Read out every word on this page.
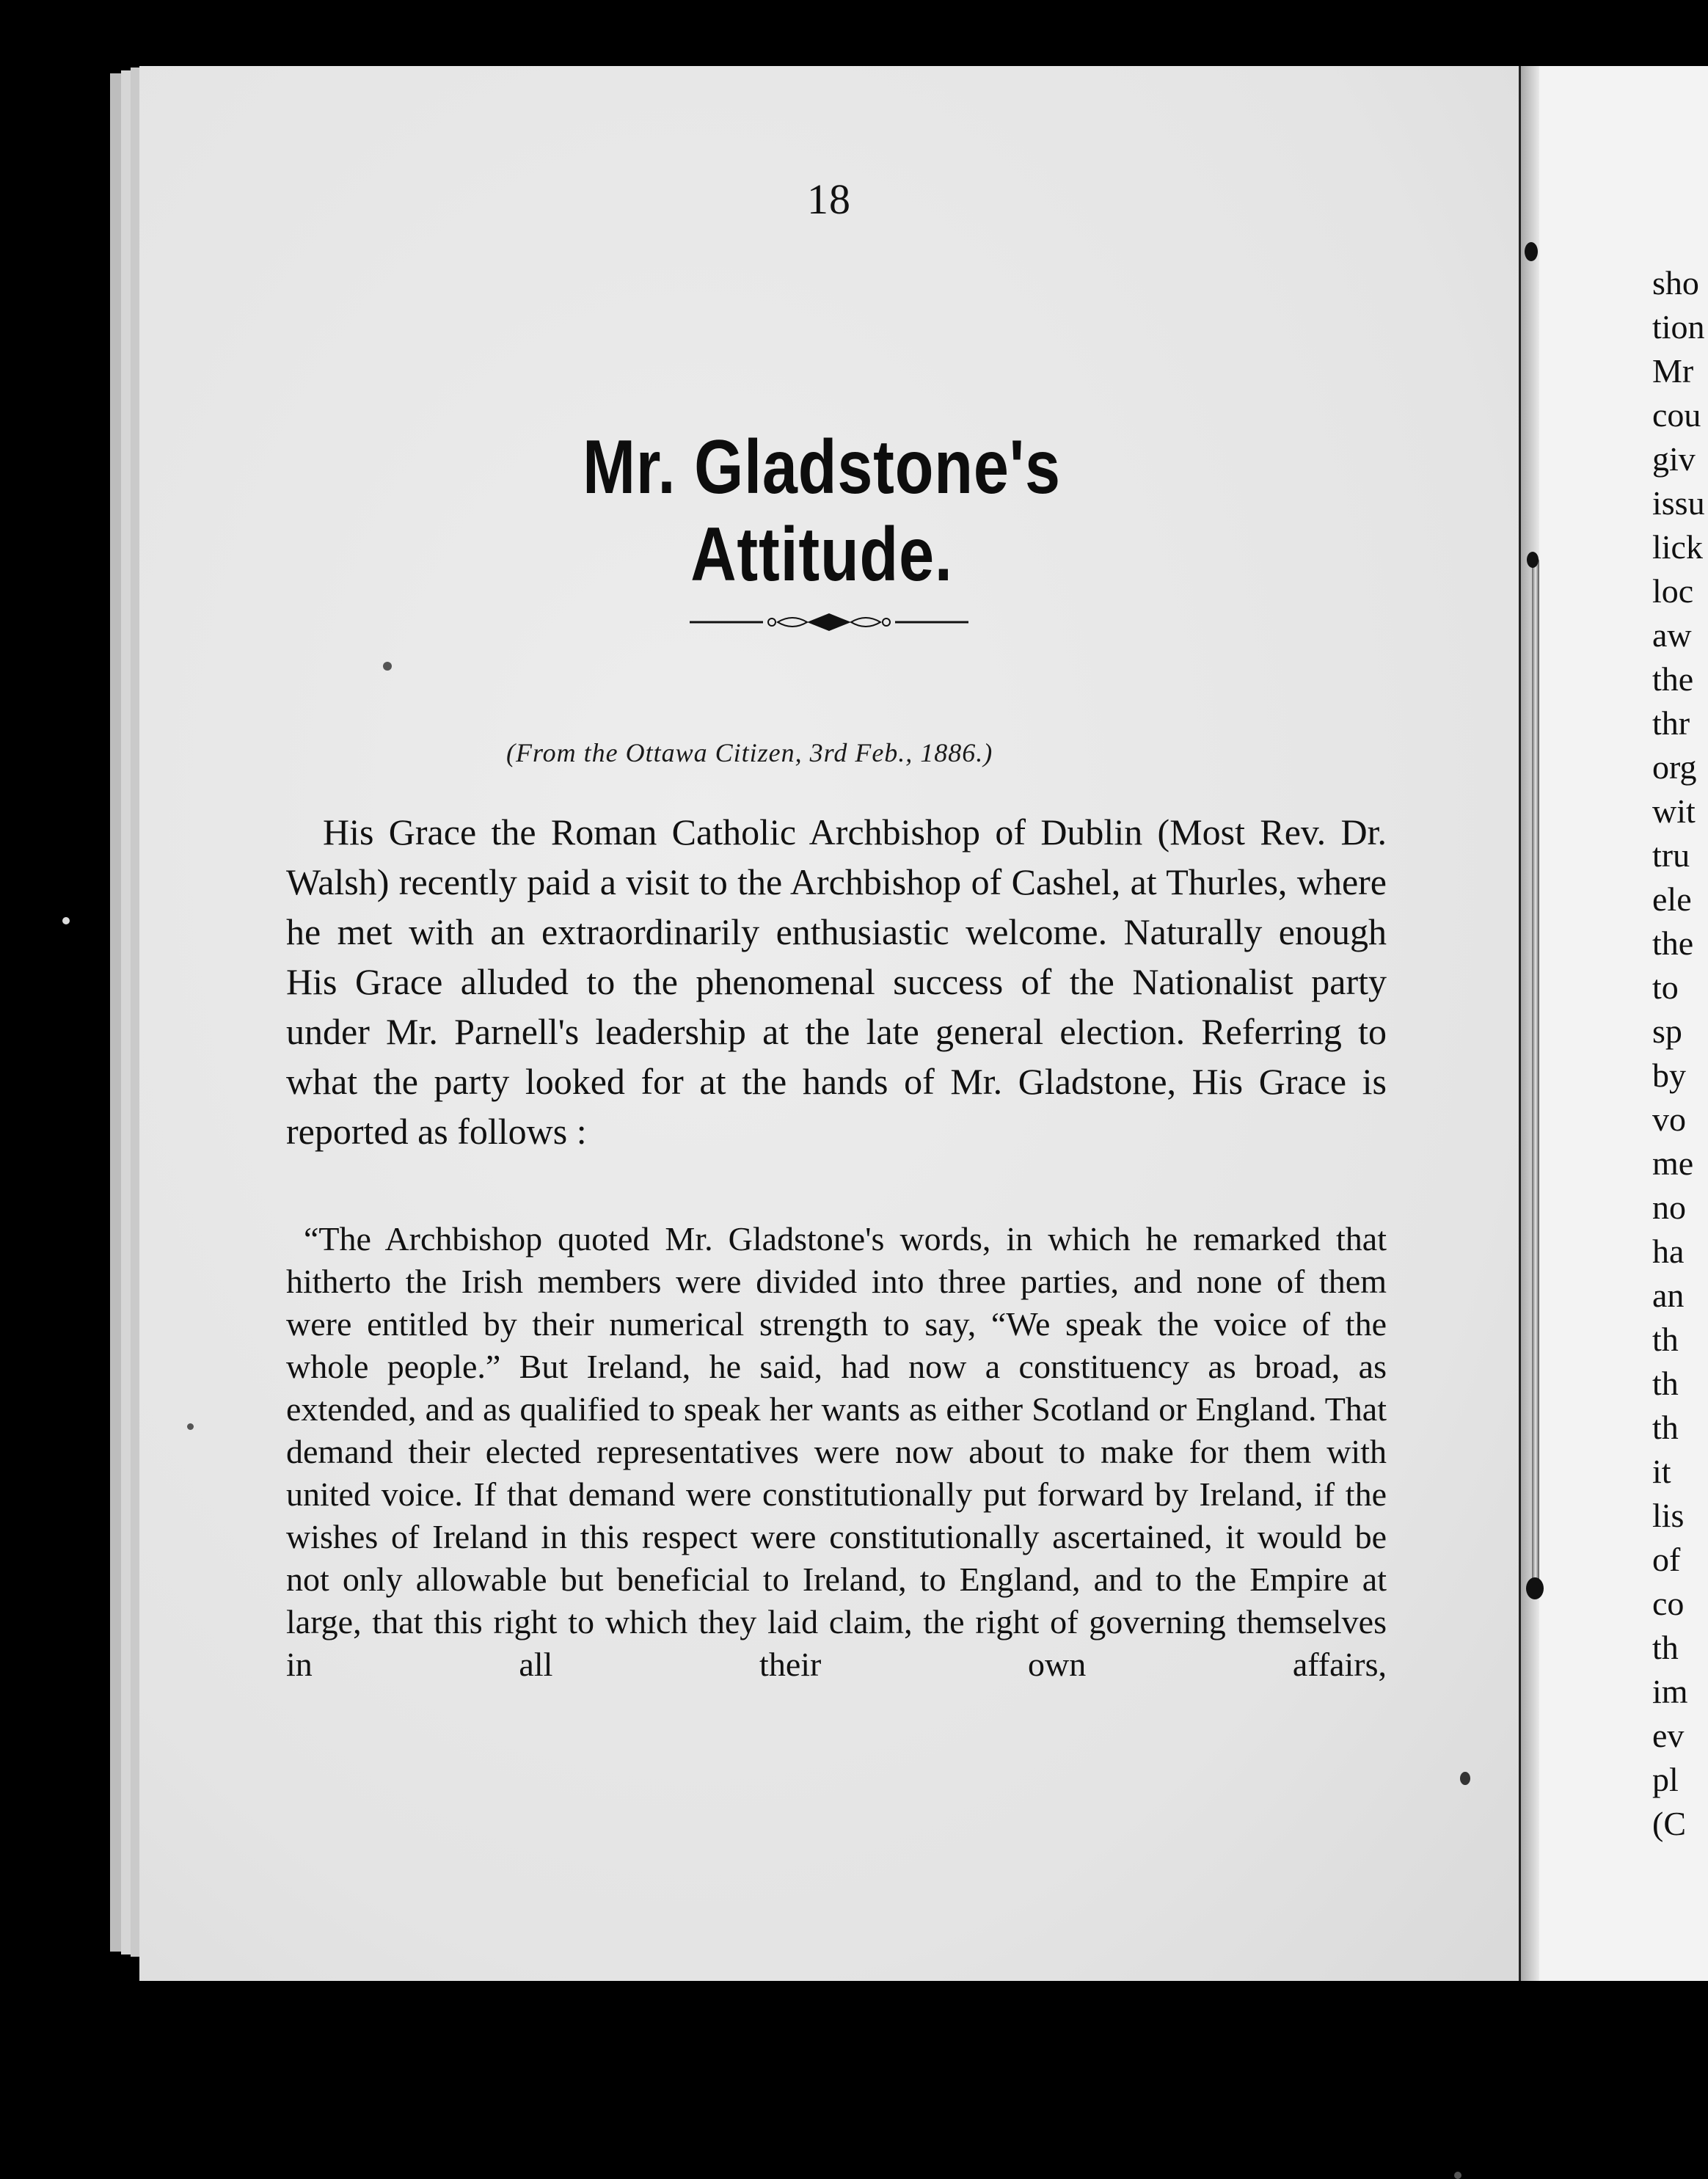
18
Mr. Gladstone's Attitude.
(From the Ottawa Citizen, 3rd Feb., 1886.)

His Grace the Roman Catholic Archbishop of Dublin (Most Rev. Dr. Walsh) recently paid a visit to the Archbishop of Cashel, at Thurles, where he met with an extraordinarily enthusiastic welcome. Naturally enough His Grace alluded to the phenomenal success of the Nationalist party under Mr. Parnell's leadership at the late general election. Referring to what the party looked for at the hands of Mr. Gladstone, His Grace is reported as follows :

“The Archbishop quoted Mr. Gladstone's words, in which he remarked that hitherto the Irish members were divided into three parties, and none of them were entitled by their numerical strength to say, “We speak the voice of the whole people.” But Ireland, he said, had now a constituency as broad, as extended, and as qualified to speak her wants as either Scotland or England. That demand their elected representatives were now about to make for them with united voice. If that demand were constitutionally put forward by Ireland, if the wishes of Ireland in this respect were constitutionally ascertained, it would be not only allowable but beneficial to Ireland, to England, and to the Empire at large, that this right to which they laid claim, the right of governing themselves in all their own affairs,
sho
tion
Mr
cou
giv
issu
lick
loc
aw
the
thr
org
wit
tru
ele
the
to
sp
by
vo
me
no
ha
an
th
th
th
it
lis
of
co
th
im
ev
pl
(C
